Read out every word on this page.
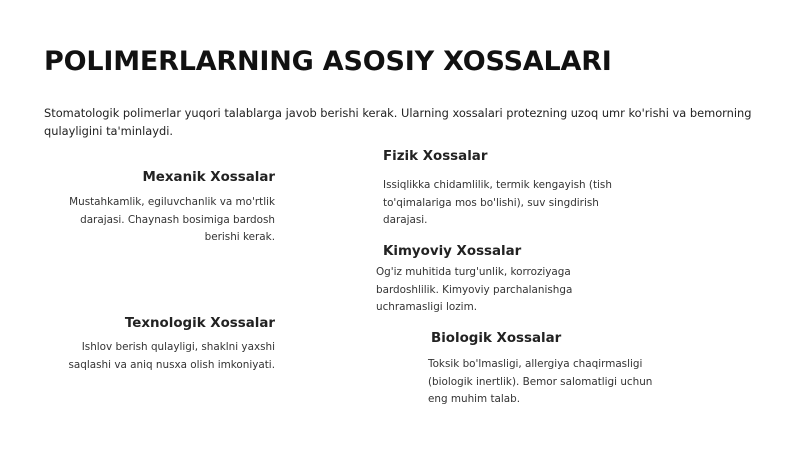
POLIMERLARNING ASOSIY XOSSALARI

Stomatologik polimerlar yuqori talablarga javob berishi kerak. Ularning xossalari protezning uzoq umr ko'rishi va bemorning qulayligini ta'minlaydi.

Mexanik Xossalar

Mustahkamlik, egiluvchanlik va mo'rtlik darajasi. Chaynash bosimiga bardosh berishi kerak.

Fizik Xossalar

Issiqlikka chidamlilik, termik kengayish (tish to'qimalariga mos bo'lishi), suv singdirish darajasi.

Kimyoviy Xossalar

Og'iz muhitida turg'unlik, korroziyaga bardoshlilik. Kimyoviy parchalanishga uchramasligi lozim.

Texnologik Xossalar

Ishlov berish qulayligi, shaklni yaxshi saqlashi va aniq nusxa olish imkoniyati.

Biologik Xossalar

Toksik bo'lmasligi, allergiya chaqirmasligi (biologik inertlik). Bemor salomatligi uchun eng muhim talab.
